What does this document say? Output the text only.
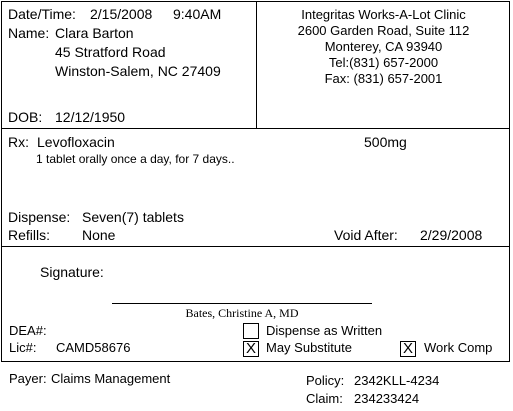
Date/Time: 2/15/2008 9:40AM
Name: Clara Barton
45 Stratford Road
Winston-Salem, NC 27409
DOB: 12/12/1950
Integritas Works-A-Lot Clinic
2600 Garden Road, Suite 112
Monterey, CA 93940
Tel:(831) 657-2000
Fax: (831) 657-2001
Rx: Levofloxacin	500mg
1 tablet orally once a day, for 7 days..
Dispense: Seven(7) tablets
Refills: None	Void After: 2/29/2008
Signature:
Bates, Christine A, MD
DEA#:
Lic#: CAMD58676
Dispense as Written
X May Substitute	X Work Comp
Payer: Claims Management	Policy: 2342KLL-4234
Claim: 234233424
